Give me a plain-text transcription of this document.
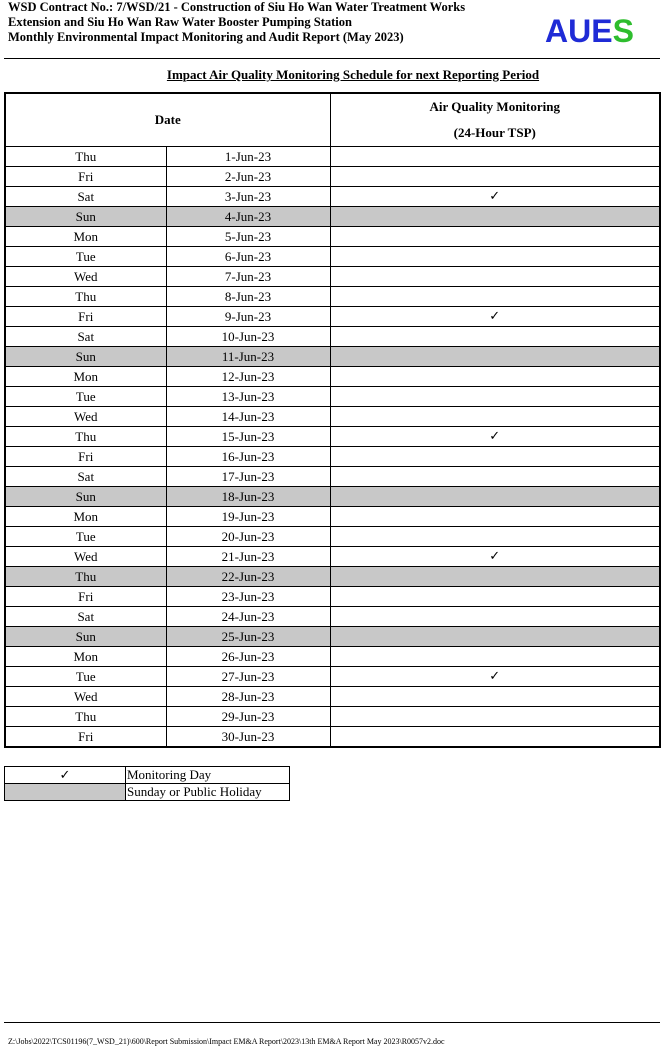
WSD Contract No.: 7/WSD/21 - Construction of Siu Ho Wan Water Treatment Works
Extension and Siu Ho Wan Raw Water Booster Pumping Station
Monthly Environmental Impact Monitoring and Audit Report (May 2023)	AUES
Impact Air Quality Monitoring Schedule for next Reporting Period
Date		Air Quality Monitoring
(24-Hour TSP)

Thu	1-Jun-23	
Fri	2-Jun-23	
Sat	3-Jun-23	✓
Sun	4-Jun-23	
Mon	5-Jun-23	
Tue	6-Jun-23	
Wed	7-Jun-23	
Thu	8-Jun-23	
Fri	9-Jun-23	✓
Sat	10-Jun-23	
Sun	11-Jun-23	
Mon	12-Jun-23	
Tue	13-Jun-23	
Wed	14-Jun-23	
Thu	15-Jun-23	✓
Fri	16-Jun-23	
Sat	17-Jun-23	
Sun	18-Jun-23	
Mon	19-Jun-23	
Tue	20-Jun-23	
Wed	21-Jun-23	✓
Thu	22-Jun-23	
Fri	23-Jun-23	
Sat	24-Jun-23	
Sun	25-Jun-23	
Mon	26-Jun-23	
Tue	27-Jun-23	✓
Wed	28-Jun-23	
Thu	29-Jun-23	
Fri	30-Jun-23	
✓	Monitoring Day
	Sunday or Public Holiday
Z:\Jobs\2022\TCS01196(7_WSD_21)\600\Report Submission\Impact EM&A Report\2023\13th EM&A Report May 2023\R0057v2.doc
